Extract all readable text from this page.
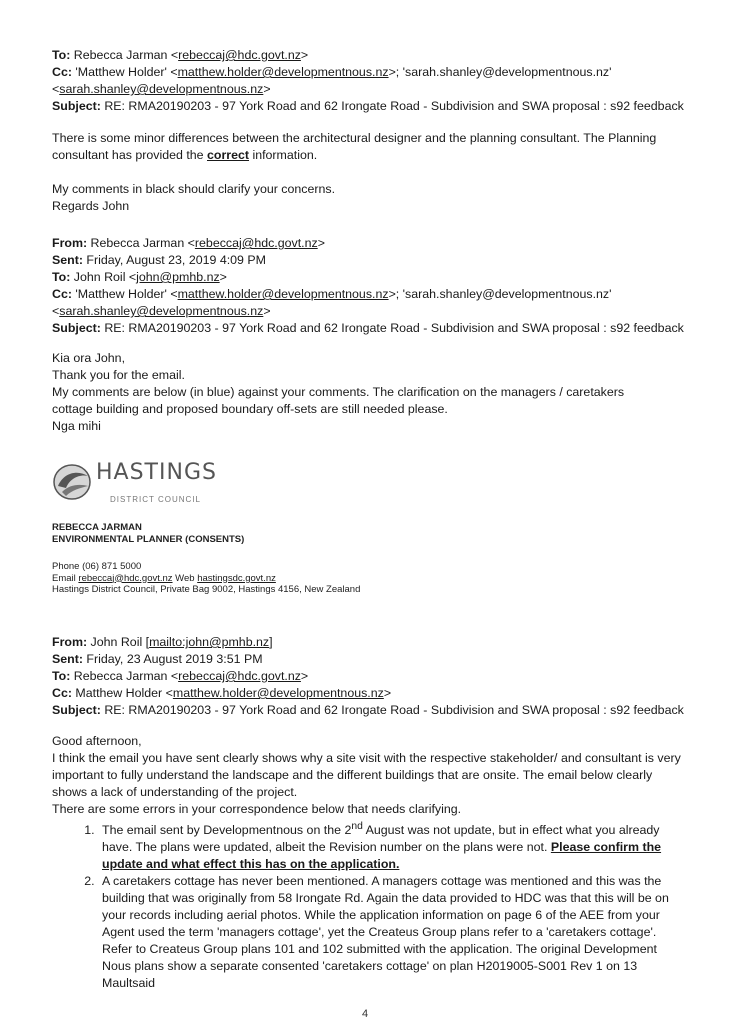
To: Rebecca Jarman <rebeccaj@hdc.govt.nz>
Cc: 'Matthew Holder' <matthew.holder@developmentnous.nz>; 'sarah.shanley@developmentnous.nz'
<sarah.shanley@developmentnous.nz>
Subject: RE: RMA20190203 - 97 York Road and 62 Irongate Road - Subdivision and SWA proposal : s92 feedback
There is some minor differences between the architectural designer and the planning consultant. The Planning consultant has provided the correct information.
My comments in black should clarify your concerns.
Regards John
From: Rebecca Jarman <rebeccaj@hdc.govt.nz>
Sent: Friday, August 23, 2019 4:09 PM
To: John Roil <john@pmhb.nz>
Cc: 'Matthew Holder' <matthew.holder@developmentnous.nz>; 'sarah.shanley@developmentnous.nz'
<sarah.shanley@developmentnous.nz>
Subject: RE: RMA20190203 - 97 York Road and 62 Irongate Road - Subdivision and SWA proposal : s92 feedback
Kia ora John,
Thank you for the email.
My comments are below (in blue) against your comments. The clarification on the managers / caretakers cottage building and proposed boundary off-sets are still needed please.
Nga mihi
HASTINGS
DISTRICT COUNCIL
REBECCA JARMAN
ENVIRONMENTAL PLANNER (CONSENTS)
Phone (06) 871 5000
Email rebeccaj@hdc.govt.nz Web hastingsdc.govt.nz
Hastings District Council, Private Bag 9002, Hastings 4156, New Zealand
From: John Roil [mailto:john@pmhb.nz]
Sent: Friday, 23 August 2019 3:51 PM
To: Rebecca Jarman <rebeccaj@hdc.govt.nz>
Cc: Matthew Holder <matthew.holder@developmentnous.nz>
Subject: RE: RMA20190203 - 97 York Road and 62 Irongate Road - Subdivision and SWA proposal : s92 feedback
Good afternoon,
I think the email you have sent clearly shows why a site visit with the respective stakeholder/ and consultant is very important to fully understand the landscape and the different buildings that are onsite. The email below clearly shows a lack of understanding of the project.
There are some errors in your correspondence below that needs clarifying.
1. The email sent by Developmentnous on the 2nd August was not update, but in effect what you already have. The plans were updated, albeit the Revision number on the plans were not. Please confirm the update and what effect this has on the application.
2. A caretakers cottage has never been mentioned. A managers cottage was mentioned and this was the building that was originally from 58 Irongate Rd. Again the data provided to HDC was that this will be on your records including aerial photos. While the application information on page 6 of the AEE from your Agent used the term 'managers cottage', yet the Createus Group plans refer to a 'caretakers cottage'. Refer to Createus Group plans 101 and 102 submitted with the application. The original Development Nous plans show a separate consented 'caretakers cottage' on plan H2019005-S001 Rev 1 on 13 Maultsaid
4
